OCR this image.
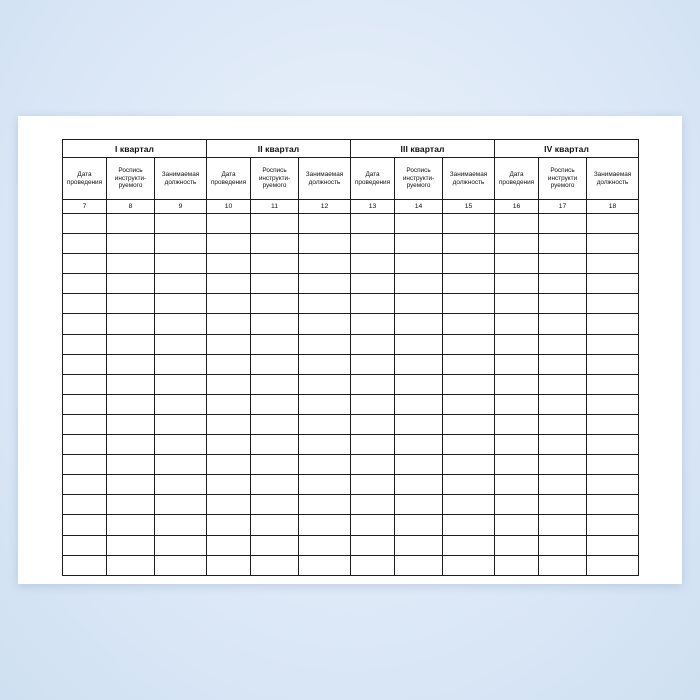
I квартал			II квартал			III квартал			IV квартал		
Дата проведения	Роспись инструкти-руемого	Занимаемая должность	Дата проведения	Роспись инструкти-руемого	Занимаемая должность	Дата проведения	Роспись инструкти-руемого	Занимаемая должность	Дата проведения	Роспись инструкти руемого	Занимаемая должность
7	8	9	10	11	12	13	14	15	16	17	18
